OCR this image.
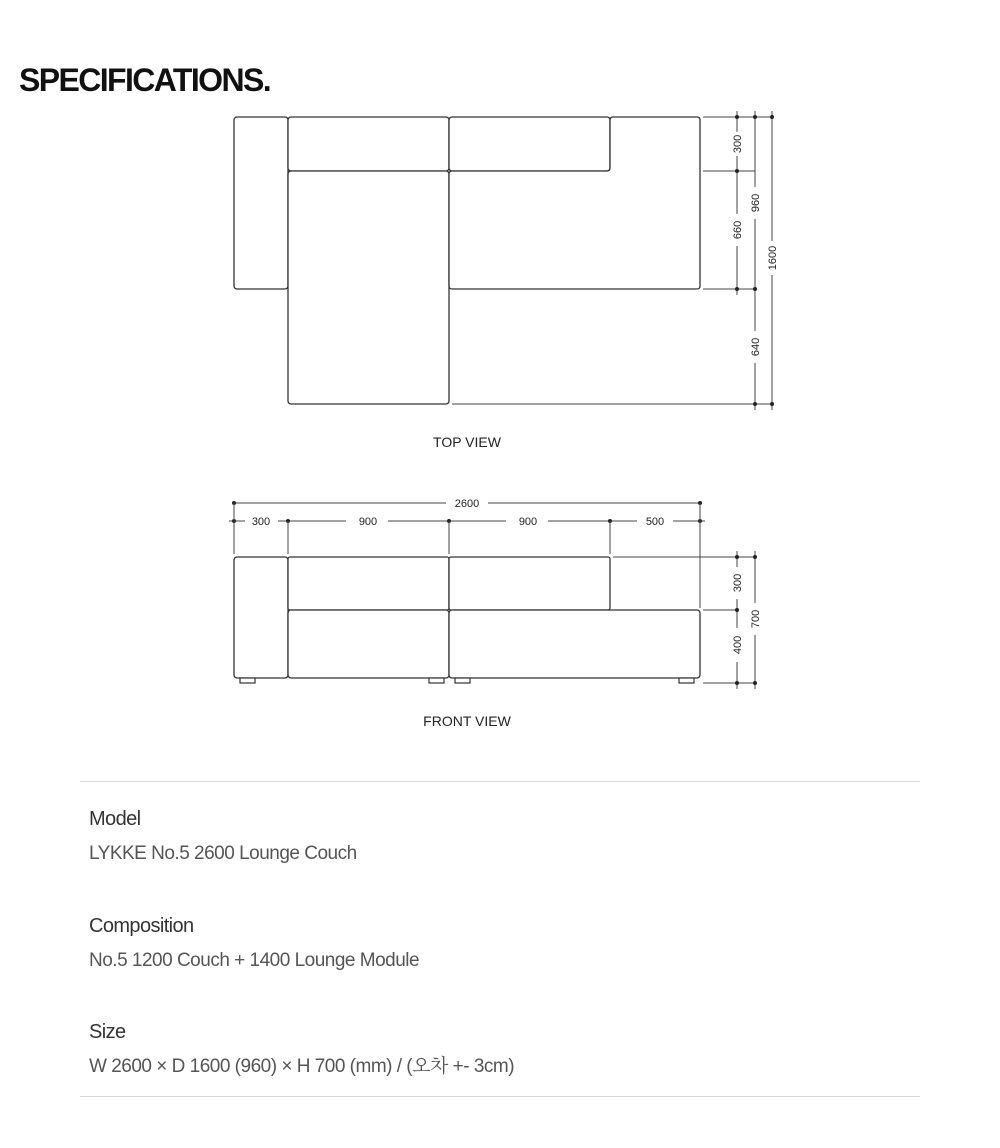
SPECIFICATIONS.
300
660
960
640
1600
TOP VIEW
2600
300	900	900	500
300
400
700
FRONT VIEW
Model
LYKKE No.5 2600 Lounge Couch
Composition
No.5 1200 Couch + 1400 Lounge Module
Size
W 2600 × D 1600 (960) × H 700 (mm) / (오차 +- 3cm)
